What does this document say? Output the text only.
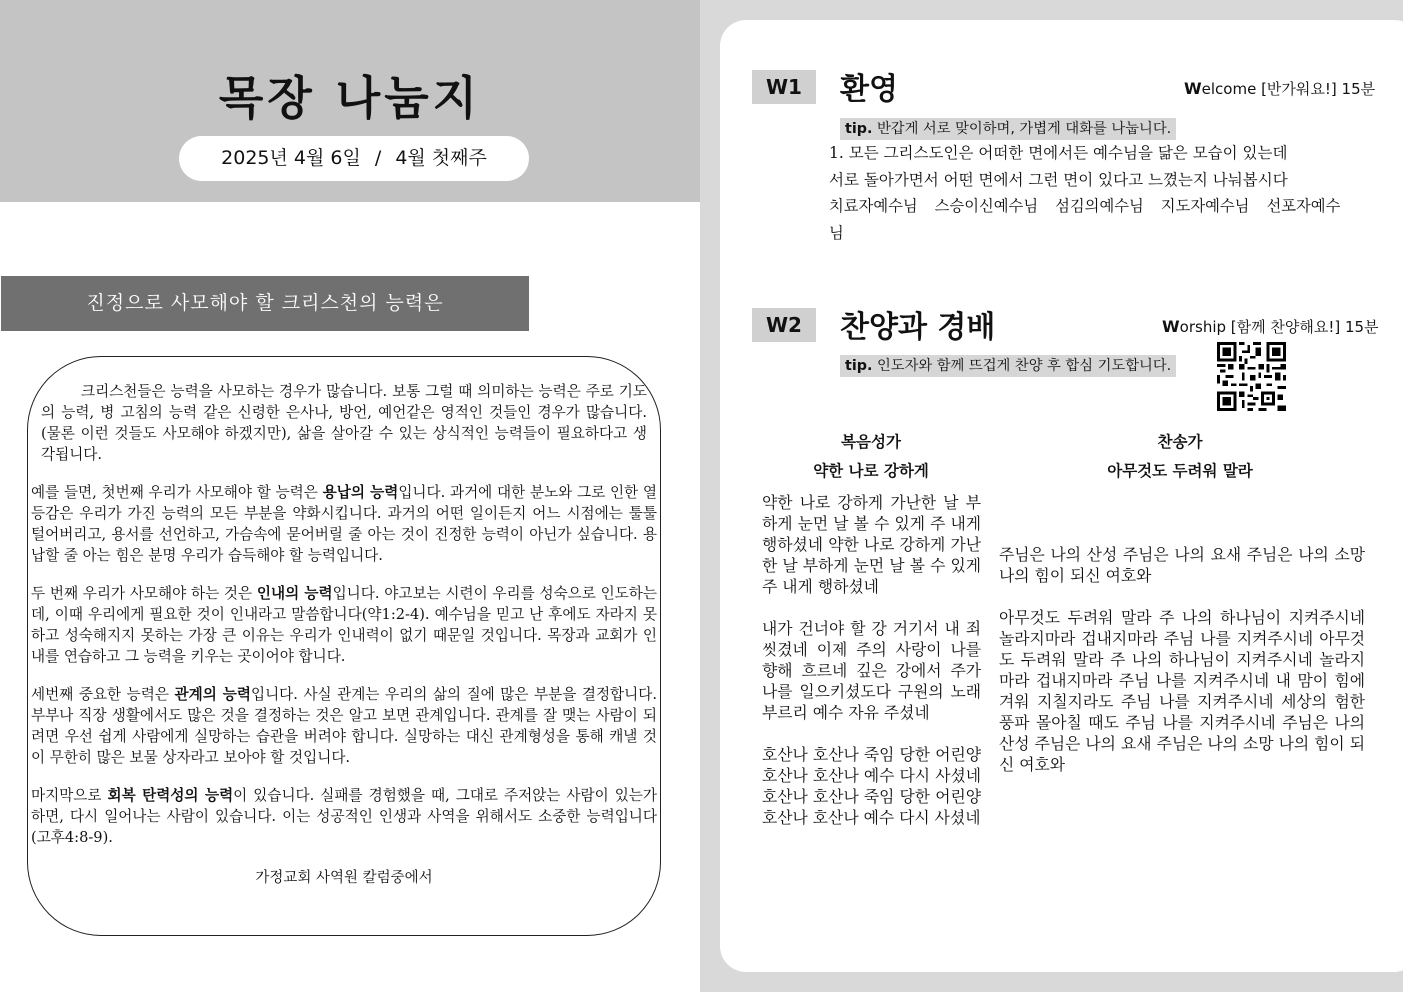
목장 나눔지
2025년 4월 6일 / 4월 첫째주
진정으로 사모해야 할 크리스천의 능력은

크리스천들은 능력을 사모하는 경우가 많습니다. 보통 그럴 때 의미하는 능력은 주로 기도의 능력, 병 고침의 능력 같은 신령한 은사나, 방언, 예언같은 영적인 것들인 경우가 많습니다. (물론 이런 것들도 사모해야 하겠지만), 삶을 살아갈 수 있는 상식적인 능력들이 필요하다고 생각됩니다.

예를 들면, 첫번째 우리가 사모해야 할 능력은 용납의 능력입니다. 과거에 대한 분노와 그로 인한 열등감은 우리가 가진 능력의 모든 부분을 약화시킵니다. 과거의 어떤 일이든지 어느 시점에는 툴툴 털어버리고, 용서를 선언하고, 가슴속에 묻어버릴 줄 아는 것이 진정한 능력이 아닌가 싶습니다. 용납할 줄 아는 힘은 분명 우리가 습득해야 할 능력입니다.

두 번째 우리가 사모해야 하는 것은 인내의 능력입니다. 야고보는 시련이 우리를 성숙으로 인도하는데, 이때 우리에게 필요한 것이 인내라고 말씀합니다(약1:2-4). 예수님을 믿고 난 후에도 자라지 못하고 성숙해지지 못하는 가장 큰 이유는 우리가 인내력이 없기 때문일 것입니다. 목장과 교회가 인내를 연습하고 그 능력을 키우는 곳이어야 합니다.

세번째 중요한 능력은 관계의 능력입니다. 사실 관계는 우리의 삶의 질에 많은 부분을 결정합니다. 부부나 직장 생활에서도 많은 것을 결정하는 것은 알고 보면 관계입니다. 관계를 잘 맺는 사람이 되려면 우선 쉽게 사람에게 실망하는 습관을 버려야 합니다. 실망하는 대신 관계형성을 통해 캐낼 것이 무한히 많은 보물 상자라고 보아야 할 것입니다.

마지막으로 회복 탄력성의 능력이 있습니다. 실패를 경험했을 때, 그대로 주저앉는 사람이 있는가 하면, 다시 일어나는 사람이 있습니다. 이는 성공적인 인생과 사역을 위해서도 소중한 능력입니다(고후4:8-9).

가정교회 사역원 칼럼중에서
W1	환영	Welcome [반가워요!] 15분
tip. 반갑게 서로 맞이하며, 가볍게 대화를 나눕니다.
1. 모든 그리스도인은 어떠한 면에서든 예수님을 닮은 모습이 있는데
서로 돌아가면서 어떤 면에서 그런 면이 있다고 느꼈는지 나눠봅시다
치료자예수님 스승이신예수님 섬김의예수님 지도자예수님 선포자예수님
W2	찬양과 경배	Worship [함께 찬양해요!] 15분
tip. 인도자와 함께 뜨겁게 찬양 후 합심 기도합니다.
복음성가
약한 나로 강하게
찬송가
아무것도 두려워 말라

약한 나로 강하게 가난한 날 부하게 눈먼 날 볼 수 있게 주 내게 행하셨네 약한 나로 강하게 가난한 날 부하게 눈먼 날 볼 수 있게 주 내게 행하셨네

내가 건너야 할 강 거기서 내 죄 씻겼네 이제 주의 사랑이 나를 향해 흐르네 깊은 강에서 주가 나를 일으키셨도다 구원의 노래 부르리 예수 자유 주셨네

호산나 호산나 죽임 당한 어린양 호산나 호산나 예수 다시 사셨네 호산나 호산나 죽임 당한 어린양 호산나 호산나 예수 다시 사셨네

주님은 나의 산성 주님은 나의 요새 주님은 나의 소망 나의 힘이 되신 여호와

아무것도 두려워 말라 주 나의 하나님이 지켜주시네 놀라지마라 겁내지마라 주님 나를 지켜주시네 아무것도 두려워 말라 주 나의 하나님이 지켜주시네 놀라지마라 겁내지마라 주님 나를 지켜주시네 내 맘이 힘에 겨워 지칠지라도 주님 나를 지켜주시네 세상의 험한 풍파 몰아칠 때도 주님 나를 지켜주시네 주님은 나의 산성 주님은 나의 요새 주님은 나의 소망 나의 힘이 되신 여호와
